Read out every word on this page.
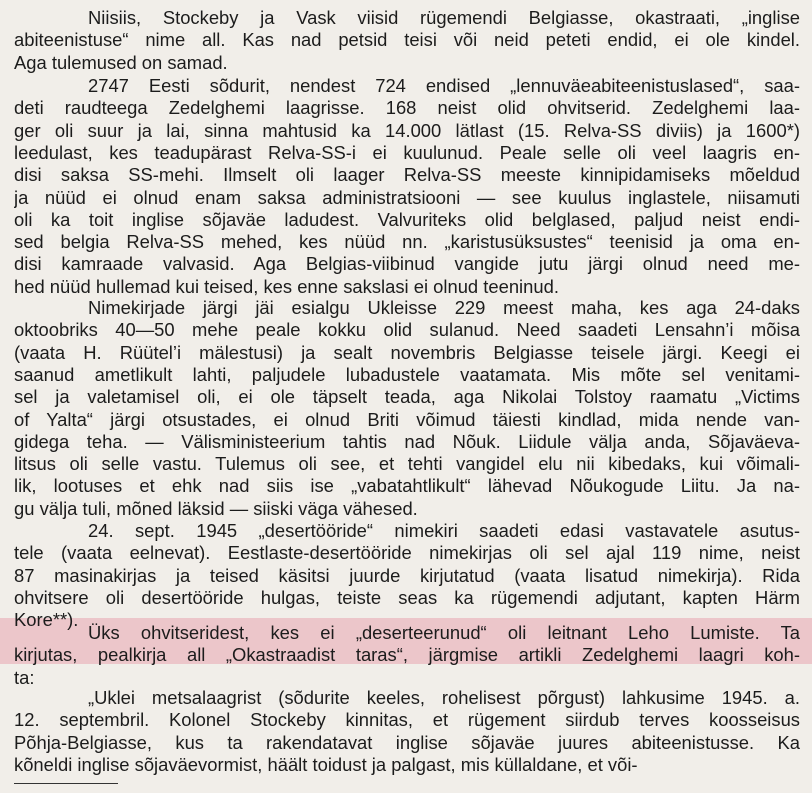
Niisiis, Stockeby ja Vask viisid rügemendi Belgiasse, okastraati, „inglise
abiteenistuse“ nime all. Kas nad petsid teisi või neid peteti endid, ei ole kindel.
Aga tulemused on samad.
2747 Eesti sõdurit, nendest 724 endised „lennuväeabiteenistuslased“, saa-
deti raudteega Zedelghemi laagrisse. 168 neist olid ohvitserid. Zedelghemi laa-
ger oli suur ja lai, sinna mahtusid ka 14.000 lätlast (15. Relva-SS diviis) ja 1600*)
leedulast, kes teadupärast Relva-SS-i ei kuulunud. Peale selle oli veel laagris en-
disi saksa SS-mehi. Ilmselt oli laager Relva-SS meeste kinnipidamiseks mõeldud
ja nüüd ei olnud enam saksa administratsiooni — see kuulus inglastele, niisamuti
oli ka toit inglise sõjaväe ladudest. Valvuriteks olid belglased, paljud neist endi-
sed belgia Relva-SS mehed, kes nüüd nn. „karistusüksustes“ teenisid ja oma en-
disi kamraade valvasid. Aga Belgias-viibinud vangide jutu järgi olnud need me-
hed nüüd hullemad kui teised, kes enne sakslasi ei olnud teeninud.
Nimekirjade järgi jäi esialgu Ukleisse 229 meest maha, kes aga 24-daks
oktoobriks 40—50 mehe peale kokku olid sulanud. Need saadeti Lensahn’i mõisa
(vaata H. Rüütel’i mälestusi) ja sealt novembris Belgiasse teisele järgi. Keegi ei
saanud ametlikult lahti, paljudele lubadustele vaatamata. Mis mõte sel venitami-
sel ja valetamisel oli, ei ole täpselt teada, aga Nikolai Tolstoy raamatu „Victims
of Yalta“ järgi otsustades, ei olnud Briti võimud täiesti kindlad, mida nende van-
gidega teha. — Välisministeerium tahtis nad Nõuk. Liidule välja anda, Sõjaväeva-
litsus oli selle vastu. Tulemus oli see, et tehti vangidel elu nii kibedaks, kui võimali-
lik, lootuses et ehk nad siis ise „vabatahtlikult“ lähevad Nõukogude Liitu. Ja na-
gu välja tuli, mõned läksid — siiski väga vähesed.
24. sept. 1945 „desertööride“ nimekiri saadeti edasi vastavatele asutus-
tele (vaata eelnevat). Eestlaste-desertööride nimekirjas oli sel ajal 119 nime, neist
87 masinakirjas ja teised käsitsi juurde kirjutatud (vaata lisatud nimekirja). Rida
ohvitsere oli desertööride hulgas, teiste seas ka rügemendi adjutant, kapten Härm
Kore**).
Üks ohvitseridest, kes ei „deserteerunud“ oli leitnant Leho Lumiste. Ta
kirjutas, pealkirja all „Okastraadist taras“, järgmise artikli Zedelghemi laagri koh-
ta:
„Uklei metsalaagrist (sõdurite keeles, rohelisest põrgust) lahkusime 1945. a.
12. septembril. Kolonel Stockeby kinnitas, et rügement siirdub terves koosseisus
Põhja-Belgiasse, kus ta rakendatavat inglise sõjaväe juures abiteenistusse. Ka
kõneldi inglise sõjaväevormist, häält toidust ja palgast, mis küllaldane, et või-
